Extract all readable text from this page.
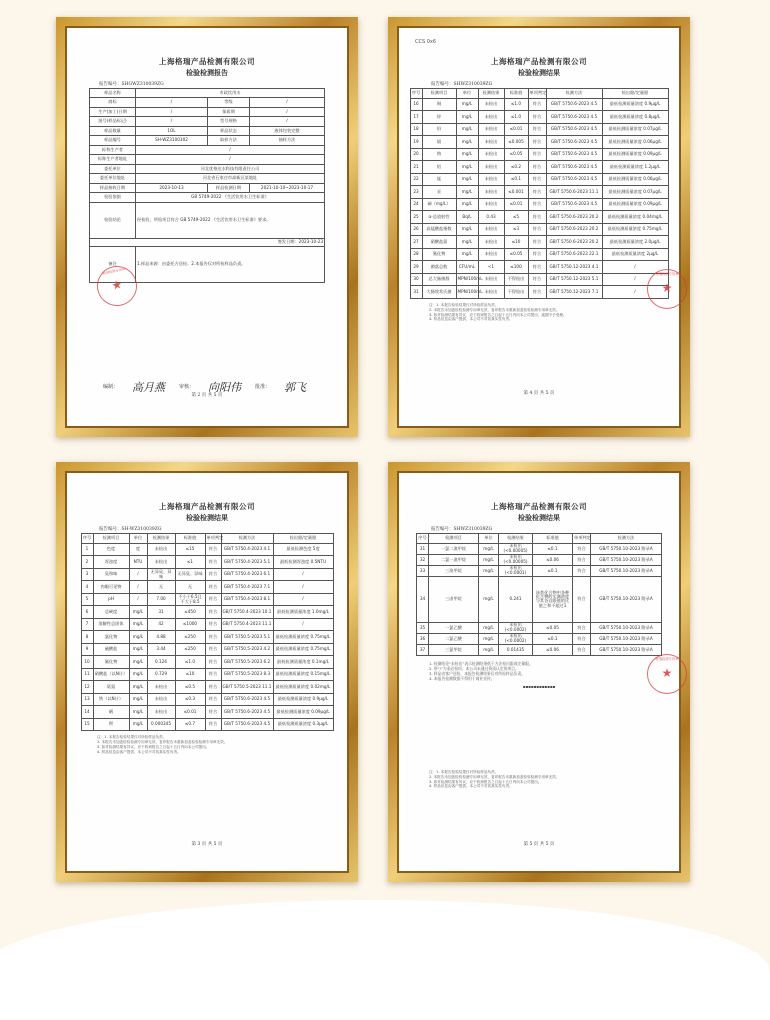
上海格瑞产品检测有限公司
检验检测报告
报告编号：SHGWZ310039ZG
样品名称	市政饮用水		
商标	/	等级	/
生产(加工)日期	/	保质期	/
批号(样品标记)	/	型号规格	/
样品数量	1OL	样品状态	液体包装完整
样品编号	SH-WZ3100302	取样方法	抽样方法
标称生产者	/		
标称生产者地址	/		
委托单位	河北优格达水科技有限责任公司		
委托单位地址	河北省石家庄市高新区某地址		
样品接收日期	2023-10-13	样品检测日期	2021-10-10~2023-10-17
检验依据	GB 5749-2022 《生活饮用水卫生标准》		
检验结论	经检验，所检项目符合 GB 5749-2022 《生活饮用水卫生标准》要求。		
签发日期：2023-10-23			
备注	1.样品来源：由委托方送检；2.本报告仅对所检样品负责。		
编制： 高月燕	审核： 向阳伟	批准： 郭飞
格瑞检测专用章
★
第 2 页 共 5 页
CCS 0x6
上海格瑞产品检测有限公司
检验检测结果
报告编号：SHWZ310039ZG
序号	检测项目	单位	检测结果	标准值	单项判定	检测方法	检出限/定量限
16	铜	mg/L	未检出	≤1.0	符合	GB/T 5750.6-2023 4.5	最低检测质量浓度 0.9μg/L
17	锌	mg/L	未检出	≤1.0	符合	GB/T 5750.6-2023 4.5	最低检测质量浓度 0.8μg/L
18	铅	mg/L	未检出	≤0.01	符合	GB/T 5750.6-2023 4.5	最低检测质量浓度 0.07μg/L
19	镉	mg/L	未检出	≤0.005	符合	GB/T 5750.6-2023 4.5	最低检测质量浓度 0.06μg/L
20	铬	mg/L	未检出	≤0.05	符合	GB/T 5750.6-2023 4.5	最低检测质量浓度 0.09μg/L
21	铝	mg/L	未检出	≤0.2	符合	GB/T 5750.6-2023 4.5	最低检测质量浓度 1.2μg/L
22	锰	mg/L	未检出	≤0.1	符合	GB/T 5750.6-2023 4.5	最低检测质量浓度 0.06μg/L
23	汞	mg/L	未检出	≤0.001	符合	GB/T 5750.6-2023 11.1	最低检测质量浓度 0.07μg/L
24	砷（mg/L）	mg/L	未检出	≤0.01	符合	GB/T 5750.6-2023 4.5	最低检测质量浓度 0.09μg/L
25	α-总放射性	Bq/L	0.43	≤5	符合	GB/T 5750.6-2023 20.2	最低检测质量浓度 0.04mg/L
26	高锰酸盐指数	mg/L	未检出	≤3	符合	GB/T 5750.6-2023 20.2	最低检测质量浓度 0.75mg/L
27	硝酸盐氮	mg/L	未检出	≤10	符合	GB/T 5750.6-2023 20.2	最低检测质量浓度 2.0μg/L
28	氰化物	mg/L	未检出	≤0.05	符合	GB/T 5750.6-2023 22.1	最低检测质量浓度 2μg/L
29	菌落总数	CFU/mL	<1	≤100	符合	GB/T 5750.12-2023 4.1	/
30	总大肠菌群	MPN/100mL	未检出	不得检出	符合	GB/T 5750.12-2023 5.1	/
31	大肠埃希氏菌	MPN/100mL	未检出	不得检出	符合	GB/T 5750.12-2023 7.1	/
注：1. 本报告检验结果仅对所检样品负责。
2. 本报告未加盖检验检测专用章无效，复印报告未重新加盖检验检测专用章无效。
3. 如对检测结果有异议，应于收到报告之日起十五日内向本公司提出，逾期不予受理。
4. 样品信息由客户提供，本公司不对其真实性负责。
格瑞检测专用章
★
第 4 页 共 5 页
上海格瑞产品检测有限公司
检验检测结果
报告编号：SH-WZ310039ZG
序号	检测项目	单位	检测结果	标准值	单项判定	检测方法	检出限/定量限
1	色度	度	未检出	≤15	符合	GB/T 5750.4-2023 4.1	最低检测色度 5度
2	浑浊度	NTU	未检出	≤1	符合	GB/T 5750.4-2023 5.1	最低检测浑浊度 0.5NTU
3	臭和味	/	无异臭、异味	无异臭、异味	符合	GB/T 5750.4-2023 6.1	/
4	肉眼可见物	/	无	无	符合	GB/T 5750.4-2023 7.1	/
5	pH	/	7.00	不小于6.5且不大于8.5	符合	GB/T 5750.4-2023 8.1	/
6	总硬度	mg/L	31	≤450	符合	GB/T 5750.4-2023 10.1	最低检测质量浓度 1.0mg/L
7	溶解性总固体	mg/L	42	≤1000	符合	GB/T 5750.4-2023 11.1	/
8	氯化物	mg/L	4.88	≤250	符合	GB/T 5750.5-2023 5.1	最低检测质量浓度 0.75mg/L
9	硫酸盐	mg/L	3.44	≤250	符合	GB/T 5750.5-2023 4.2	最低检测质量浓度 0.75mg/L
10	氟化物	mg/L	0.126	≤1.0	符合	GB/T 5750.5-2023 6.2	最低检测质量浓度 0.1mg/L
11	硝酸盐（以N计）	mg/L	0.729	≤10	符合	GB/T 5750.5-2023 8.3	最低检测质量浓度 0.15mg/L
12	氨氮	mg/L	未检出	≤0.5	符合	GB/T 5750.5-2023 11.1	最低检测质量浓度 0.02mg/L
13	铁（以N计）	mg/L	未检出	≤0.3	符合	GB/T 5750.6-2023 4.5	最低检测质量浓度 0.9μg/L
14	硒	mg/L	未检出	≤0.01	符合	GB/T 5750.6-2023 4.5	最低检测质量浓度 0.09μg/L
15	钡	mg/L	0.000345	≤0.7	符合	GB/T 5750.6-2023 4.5	最低检测质量浓度 0.3μg/L
注：1. 本报告检验结果仅对所检样品负责。
2. 本报告未加盖检验检测专用章无效，复印报告未重新加盖检验检测专用章无效。
3. 如对检测结果有异议，应于收到报告之日起十五日内向本公司提出。
4. 样品信息由客户提供，本公司不对其真实性负责。
第 3 页 共 5 页
上海格瑞产品检测有限公司
检验检测结果
报告编号：SHWZ310039ZG
序号	检测项目	单位	检测结果	标准值	单项判定	检测方法
31	一氯二溴甲烷	mg/L	未检出(<0.00005)	≤0.1	符合	GB/T 5750.10-2023 附录A
32	二氯一溴甲烷	mg/L	未检出(<0.00005)	≤0.06	符合	GB/T 5750.10-2023 附录A
33	三溴甲烷	mg/L	未检出(<0.0001)	≤0.1	符合	GB/T 5750.10-2023 附录A
34	三卤甲烷	mg/L	0.241	该类化合物中各种化合物的实测浓度与其各自限值的比值之和不超过1	符合	GB/T 5750.10-2023 附录A
35	一氯乙酸	mg/L	未检出(<0.0002)	≤0.05	符合	GB/T 5750.10-2023 附录A
36	二氯乙酸	mg/L	未检出(<0.0002)	≤0.1	符合	GB/T 5750.10-2023 附录A
37	三氯甲烷	mg/L	0.01435	≤0.06	符合	GB/T 5750.10-2023 附录A
1. 检测结论“未检出”表示检测结果低于方法检出限或定量限。
2. 带“/”为非必检项，本公司未通过资质认定的项目。
3. 样品由客户送检，本报告检测结果仅对所检样品负责。
4. 本报告检测数据不得用于商业宣传。
▪▪▪▪▪▪▪▪▪▪▪▪
注：1. 本报告检验结果仅对所检样品负责。
2. 本报告未加盖检验检测专用章无效，复印报告未重新加盖检验检测专用章无效。
3. 如对检测结果有异议，应于收到报告之日起十五日内向本公司提出。
4. 样品信息由客户提供，本公司不对其真实性负责。
格瑞检测专用章
★
第 5 页 共 5 页
